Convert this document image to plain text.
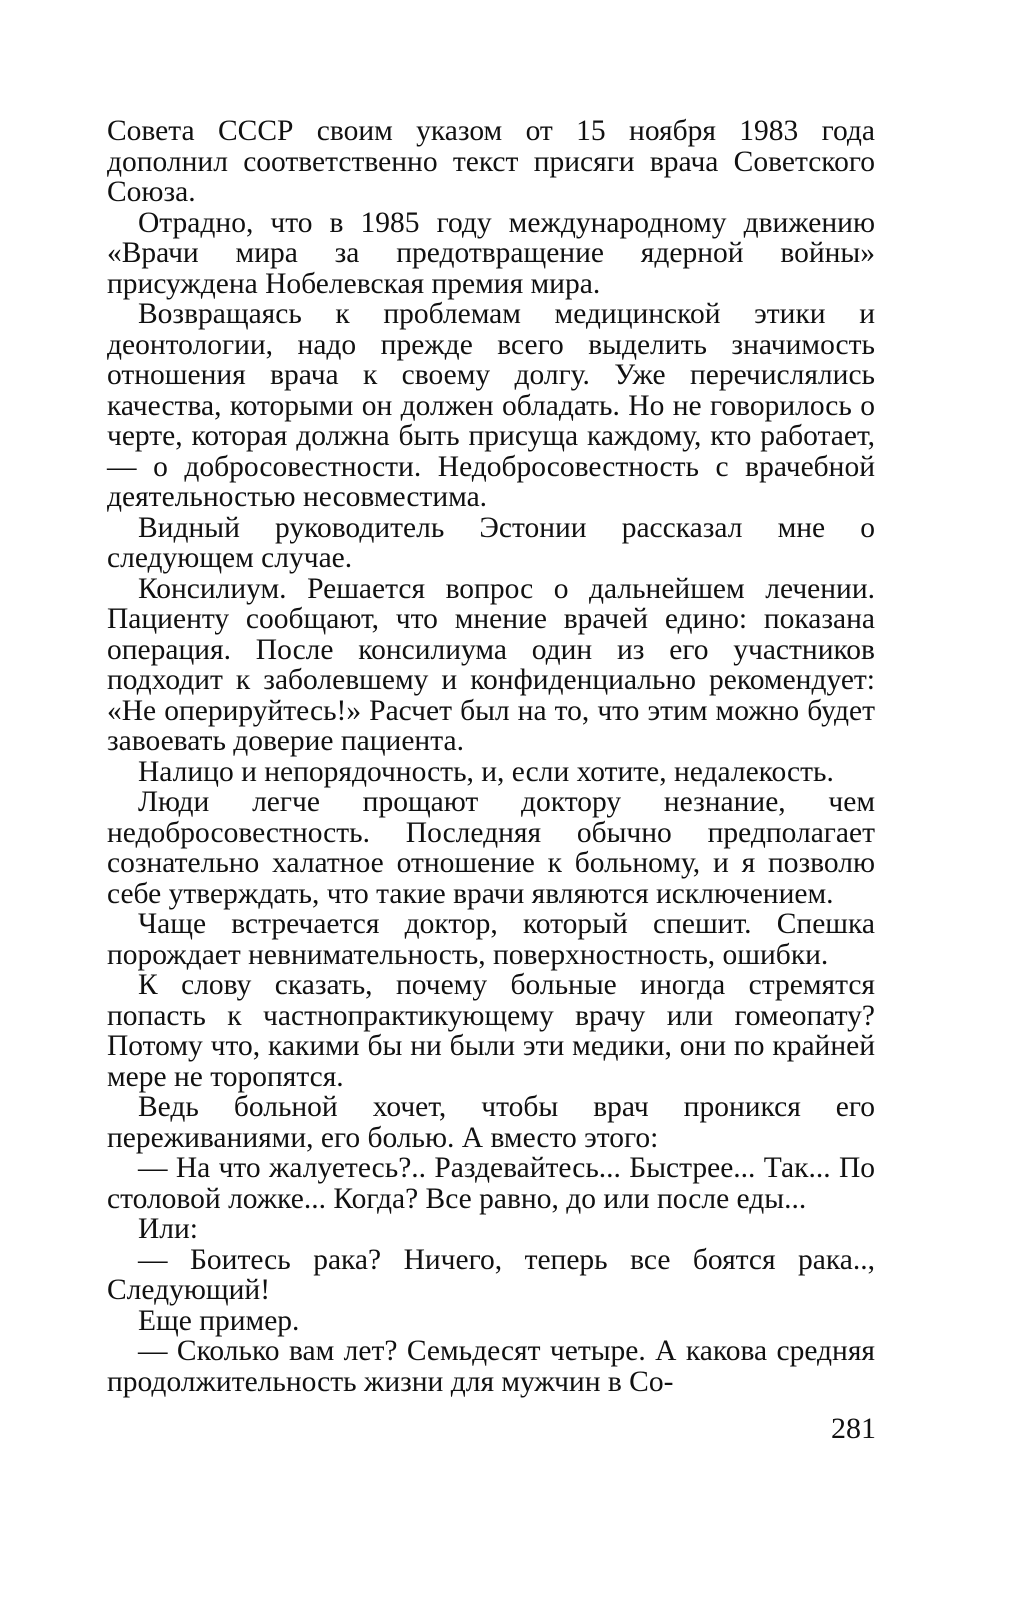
Совета СССР своим указом от 15 ноября 1983 года дополнил соответственно текст присяги врача Советского Союза.

Отрадно, что в 1985 году международному движению «Врачи мира за предотвращение ядерной войны» присуждена Нобелевская премия мира.

Возвращаясь к проблемам медицинской этики и деонтологии, надо прежде всего выделить значимость отношения врача к своему долгу. Уже перечислялись качества, которыми он должен обладать. Но не говорилось о черте, которая должна быть присуща каждому, кто работает, — о добросовестности. Недобросовестность с врачебной деятельностью несовместима.

Видный руководитель Эстонии рассказал мне о следующем случае.

Консилиум. Решается вопрос о дальнейшем лечении. Пациенту сообщают, что мнение врачей едино: показана операция. После консилиума один из его участников подходит к заболевшему и конфиденциально рекомендует: «Не оперируйтесь!» Расчет был на то, что этим можно будет завоевать доверие пациента.

Налицо и непорядочность, и, если хотите, недалекость.

Люди легче прощают доктору незнание, чем недобросовестность. Последняя обычно предполагает сознательно халатное отношение к больному, и я позволю себе утверждать, что такие врачи являются исключением.

Чаще встречается доктор, который спешит. Спешка порождает невнимательность, поверхностность, ошибки.

К слову сказать, почему больные иногда стремятся попасть к частнопрактикующему врачу или гомеопату? Потому что, какими бы ни были эти медики, они по крайней мере не торопятся.

Ведь больной хочет, чтобы врач проникся его переживаниями, его болью. А вместо этого:

— На что жалуетесь?.. Раздевайтесь... Быстрее... Так... По столовой ложке... Когда? Все равно, до или после еды...

Или:

— Боитесь рака? Ничего, теперь все боятся рака.., Следующий!

Еще пример.

— Сколько вам лет? Семьдесят четыре. А какова средняя продолжительность жизни для мужчин в Со-

281
